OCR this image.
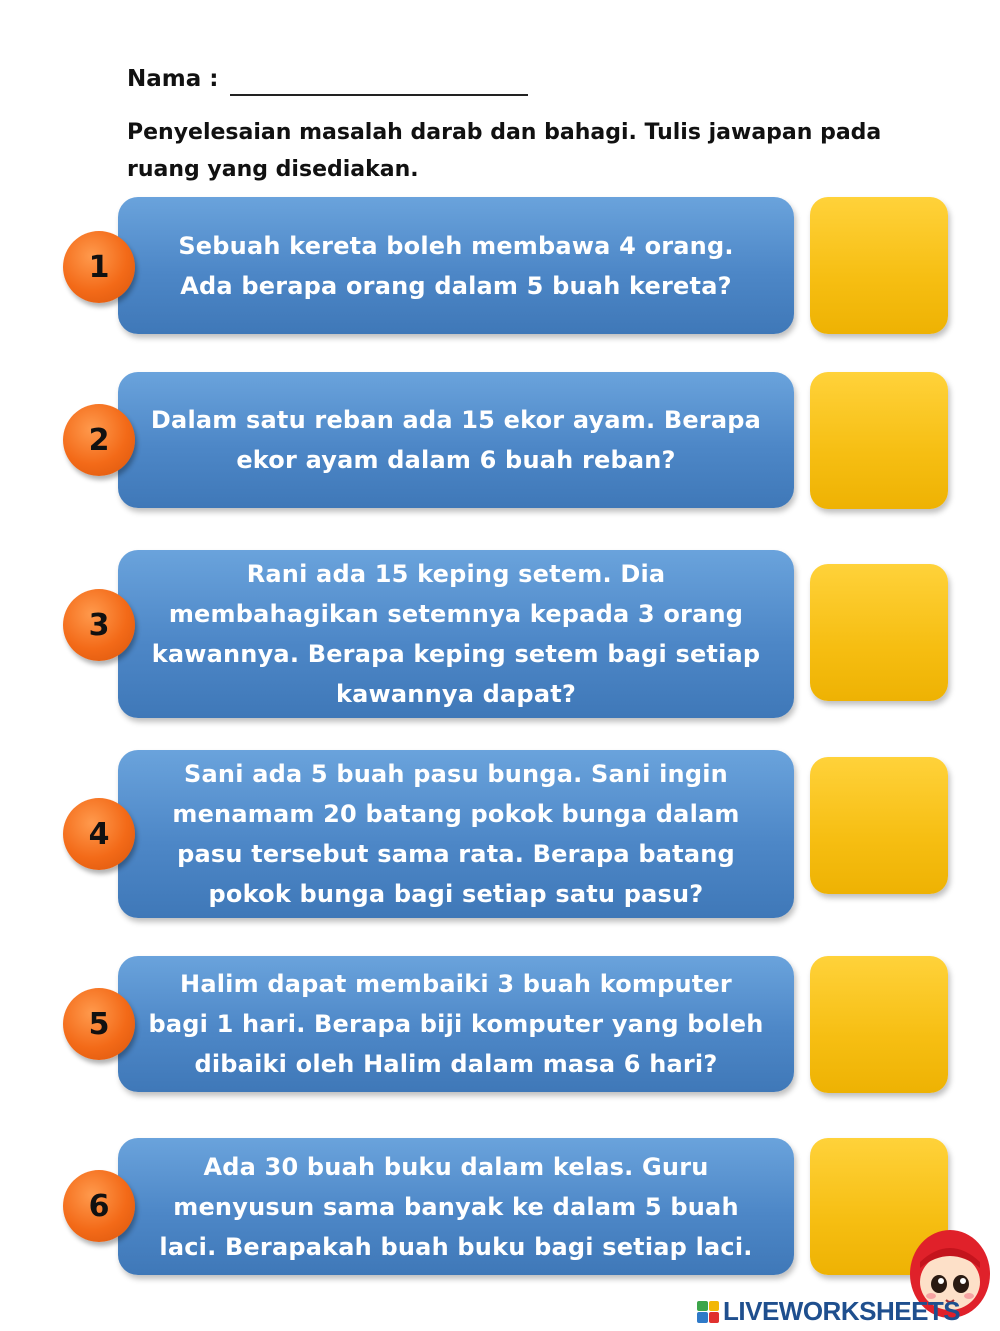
Nama :
Penyelesaian masalah darab dan bahagi. Tulis jawapan pada ruang yang disediakan.
Sebuah kereta boleh membawa 4 orang.
Ada berapa orang dalam 5 buah kereta?
1
Dalam satu reban ada 15 ekor ayam. Berapa
ekor ayam dalam 6 buah reban?
2
Rani ada 15 keping setem. Dia
membahagikan setemnya kepada 3 orang
kawannya. Berapa keping setem bagi setiap
kawannya dapat?
3
Sani ada 5 buah pasu bunga. Sani ingin
menamam 20 batang pokok bunga dalam
pasu tersebut sama rata. Berapa batang
pokok bunga bagi setiap satu pasu?
4
Halim dapat membaiki 3 buah komputer
bagi 1 hari. Berapa biji komputer yang boleh
dibaiki oleh Halim dalam masa 6 hari?
5
Ada 30 buah buku dalam kelas. Guru
menyusun sama banyak ke dalam 5 buah
laci. Berapakah buah buku bagi setiap laci.
6
LIVEWORKSHEETS
